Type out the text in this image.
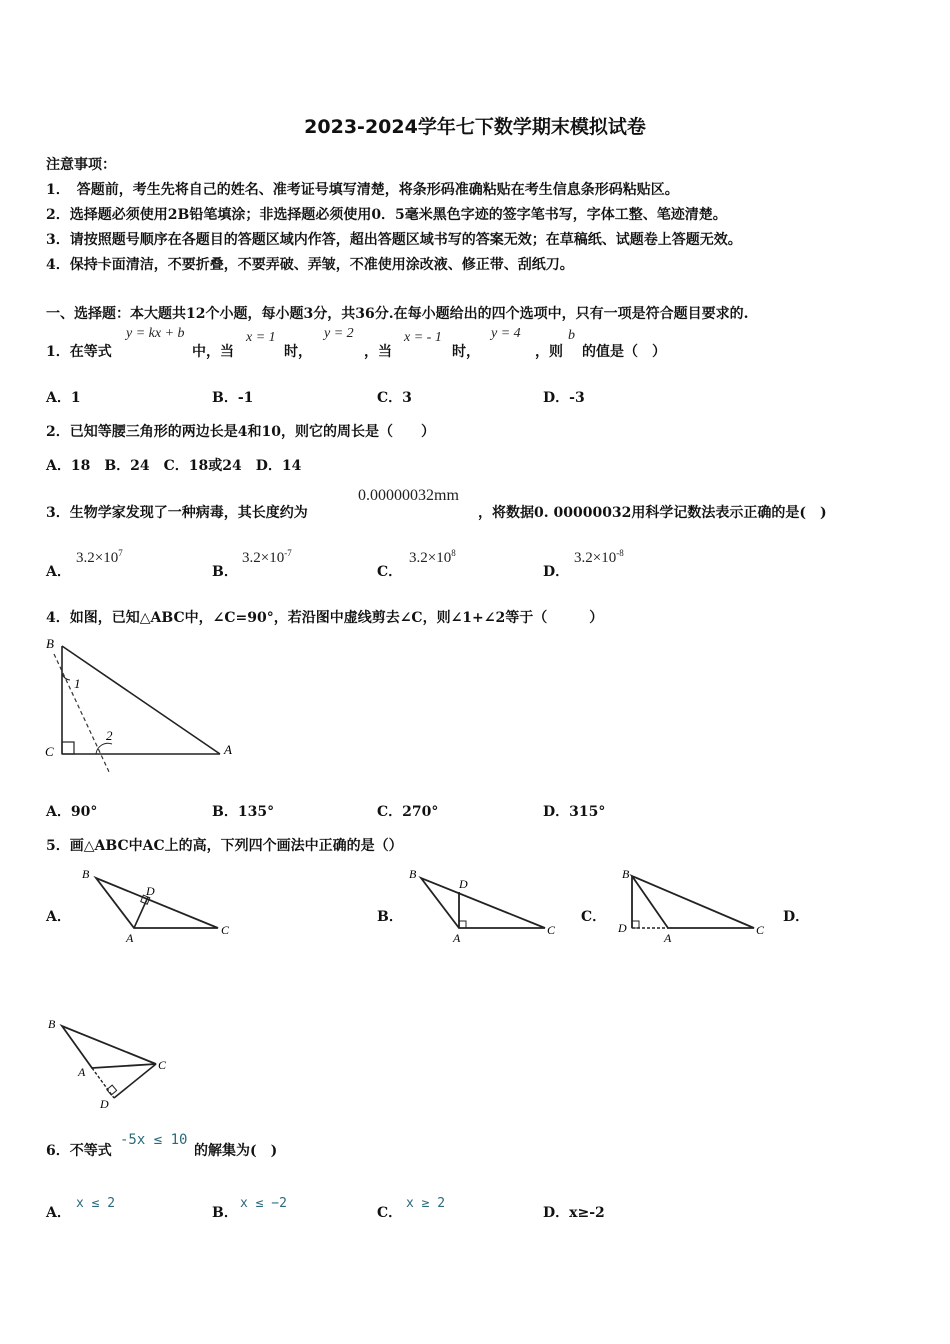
2023-2024学年七下数学期末模拟试卷
注意事项：
1．　答题前，考生先将自己的姓名、准考证号填写清楚，将条形码准确粘贴在考生信息条形码粘贴区。
2．选择题必须使用2B铅笔填涂；非选择题必须使用0．5毫米黑色字迹的签字笔书写，字体工整、笔迹清楚。
3．请按照题号顺序在各题目的答题区域内作答，超出答题区域书写的答案无效；在草稿纸、试题卷上答题无效。
4．保持卡面清洁，不要折叠，不要弄破、弄皱，不准使用涂改液、修正带、刮纸刀。
一、选择题：本大题共12个小题，每小题3分，共36分.在每小题给出的四个选项中，只有一项是符合题目要求的.
1．在等式
y = kx + b
中，当
x = 1
时，
y = 2
，当
x = - 1
时，
y = 4
，则
b
的值是（　）
A．1	B．-1	C．3	D．-3
2．已知等腰三角形的两边长是4和10，则它的周长是（　　）
A．18　B．24　C．18或24　D．14
3．生物学家发现了一种病毒，其长度约为
0.00000032mm
，将数据0. 00000032用科学记数法表示正确的是(　)
A．
$3.2\times 10^7$
B．
$3.2\times 10^{-7}$
C．
$3.2\times 10^8$
D．
$3.2\times 10^{-8}$
4．如图，已知△ABC中，∠C=90°，若沿图中虚线剪去∠C，则∠1+∠2等于（　　　）
B
C	A
1
2
A．90°	B．135°	C．270°	D．315°
5．画△ABC中AC上的高，下列四个画法中正确的是（）
A．
B
D
A
C
B．
B
D
A
C
C．
B
D
A
C
D．
B
A	C
D
6．不等式
-5x ≤ 10
的解集为(　)
A．
x ≤ 2
B．
x ≤ −2
C．
x ≥ 2
D．x≥-2
